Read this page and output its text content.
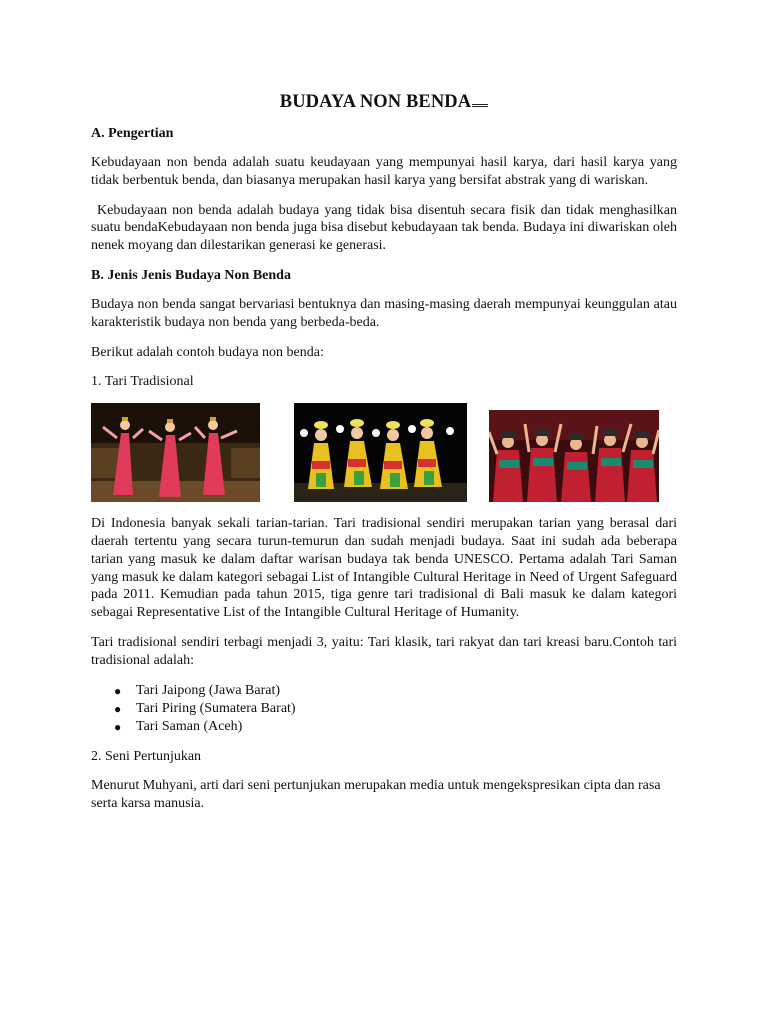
BUDAYA NON BENDA
A. Pengertian

Kebudayaan non benda adalah suatu keudayaan yang mempunyai hasil karya, dari hasil karya yang tidak berbentuk benda, dan biasanya merupakan hasil karya yang bersifat abstrak yang di wariskan.

Kebudayaan non benda adalah budaya yang tidak bisa disentuh secara fisik dan tidak menghasilkan suatu bendaKebudayaan non benda juga bisa disebut kebudayaan tak benda. Budaya ini diwariskan oleh nenek moyang dan dilestarikan generasi ke generasi.

B. Jenis Jenis Budaya Non Benda

Budaya non benda sangat bervariasi bentuknya dan masing-masing daerah mempunyai keunggulan atau karakteristik budaya non benda yang berbeda-beda.

Berikut adalah contoh budaya non benda:

1. Tari Tradisional

Di Indonesia banyak sekali tarian-tarian. Tari tradisional sendiri merupakan tarian yang berasal dari daerah tertentu yang secara turun-temurun dan sudah menjadi budaya. Saat ini sudah ada beberapa tarian yang masuk ke dalam daftar warisan budaya tak benda UNESCO. Pertama adalah Tari Saman yang masuk ke dalam kategori sebagai List of Intangible Cultural Heritage in Need of Urgent Safeguard pada 2011. Kemudian pada tahun 2015, tiga genre tari tradisional di Bali masuk ke dalam kategori sebagai Representative List of the Intangible Cultural Heritage of Humanity.

Tari tradisional sendiri terbagi menjadi 3, yaitu: Tari klasik, tari rakyat dan tari kreasi baru.Contoh tari tradisional adalah:

● Tari Jaipong (Jawa Barat)
● Tari Piring (Sumatera Barat)
● Tari Saman (Aceh)

2. Seni Pertunjukan

Menurut Muhyani, arti dari seni pertunjukan merupakan media untuk mengekspresikan cipta dan rasa serta karsa manusia.
